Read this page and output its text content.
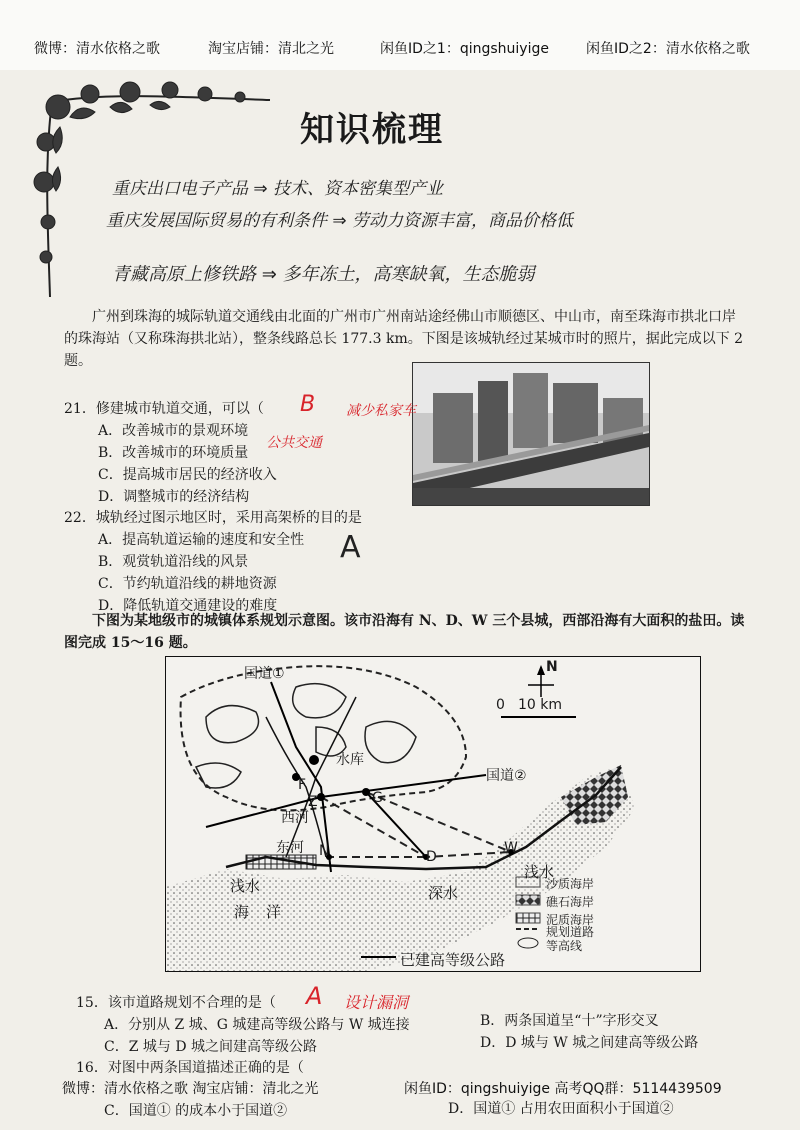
微博：清水依格之歌	淘宝店铺：清北之光	闲鱼ID之1：qingshuiyige	闲鱼ID之2：清水依格之歌
知识梳理
重庆出口电子产品 ⇒ 技术、资本密集型产业
重庆发展国际贸易的有利条件 ⇒ 劳动力资源丰富，商品价格低
青藏高原上修铁路 ⇒ 多年冻土，高寒缺氧，生态脆弱
广州到珠海的城际轨道交通线由北面的广州市广州南站途经佛山市顺德区、中山市，南至珠海市拱北口岸的珠海站（又称珠海拱北站），整条线路总长 177.3 km。下图是该城轨经过某城市时的照片，据此完成以下 2 题。
21．修建城市轨道交通，可以（ B 减少私家车
公共交通
A．改善城市的景观环境
B．改善城市的环境质量
C．提高城市居民的经济收入
D．调整城市的经济结构
22．城轨经过图示地区时，采用高架桥的目的是
A．提高轨道运输的速度和安全性
B．观赏轨道沿线的风景
C．节约轨道沿线的耕地资源
D．降低轨道交通建设的难度
A
下图为某地级市的城镇体系规划示意图。该市沿海有 N、D、W 三个县城，西部沿海有大面积的盐田。读图完成 15～16 题。
国道①
国道②
N
0 10 km
水库
西河
东河
F
Z	G
N	D
W
浅水
浅水
深水
海 洋
沙质海岸
礁石海岸
泥质海岸
规划道路
等高线
已建高等级公路
15．该市道路规划不合理的是（ A 设计漏洞
A．分别从 Z 城、G 城建高等级公路与 W 城连接	B．两条国道呈“十”字形交叉
C．Z 城与 D 城之间建高等级公路	D．D 城与 W 城之间建高等级公路
16．对图中两条国道描述正确的是（
C．国道① 的成本小于国道②	D．国道① 占用农田面积小于国道②
微博：清水依格之歌 淘宝店铺：清北之光	闲鱼ID：qingshuiyige 高考QQ群：5114439509
